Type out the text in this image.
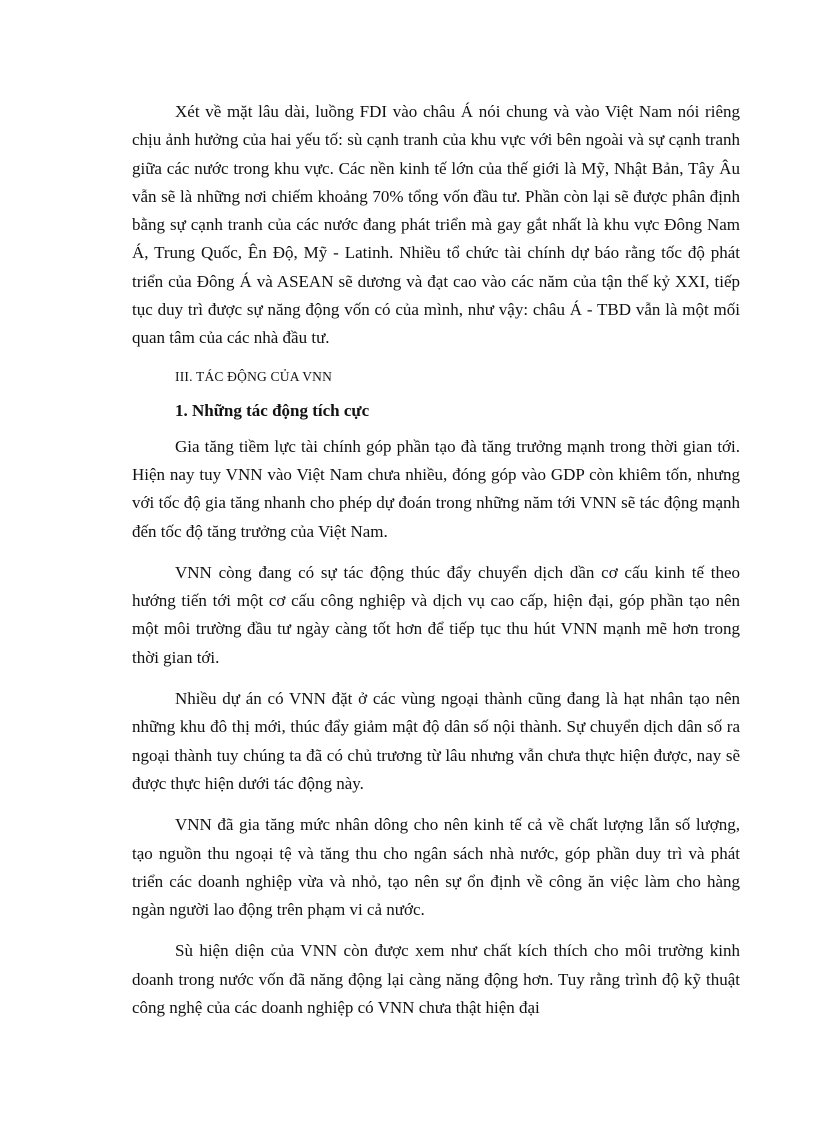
Xét về mặt lâu dài, luồng FDI vào châu Á nói chung và vào Việt Nam nói riêng chịu ảnh hưởng của hai yếu tố: sù cạnh tranh của khu vực với bên ngoài và sự cạnh tranh giữa các nước trong khu vực. Các nền kinh tế lớn của thế giới là Mỹ, Nhật Bản, Tây Âu vẫn sẽ là những nơi chiếm khoảng 70% tổng vốn đầu tư. Phần còn lại sẽ được phân định bằng sự cạnh tranh của các nước đang phát triển mà gay gắt nhất là khu vực Đông Nam Á, Trung Quốc, Ên Độ, Mỹ - Latinh. Nhiều tổ chức tài chính dự báo rằng tốc độ phát triển của Đông Á và ASEAN sẽ dương và đạt cao vào các năm của tận thế kỷ XXI, tiếp tục duy trì được sự năng động vốn có của mình, như vậy: châu Á - TBD vẫn là một mối quan tâm của các nhà đầu tư.

III. TÁC ĐỘNG CỦA VNN
1. Những tác động tích cực

Gia tăng tiềm lực tài chính góp phần tạo đà tăng trưởng mạnh trong thời gian tới. Hiện nay tuy VNN vào Việt Nam chưa nhiều, đóng góp vào GDP còn khiêm tốn, nhưng với tốc độ gia tăng nhanh cho phép dự đoán trong những năm tới VNN sẽ tác động mạnh đến tốc độ tăng trưởng của Việt Nam.

VNN còng đang có sự tác động thúc đẩy chuyển dịch dần cơ cấu kinh tế theo hướng tiến tới một cơ cấu công nghiệp và dịch vụ cao cấp, hiện đại, góp phần tạo nên một môi trường đầu tư ngày càng tốt hơn để tiếp tục thu hút VNN mạnh mẽ hơn trong thời gian tới.

Nhiều dự án có VNN đặt ở các vùng ngoại thành cũng đang là hạt nhân tạo nên những khu đô thị mới, thúc đẩy giảm mật độ dân số nội thành. Sự chuyển dịch dân số ra ngoại thành tuy chúng ta đã có chủ trương từ lâu nhưng vẫn chưa thực hiện được, nay sẽ được thực hiện dưới tác động này.

VNN đã gia tăng mức nhân dông cho nên kinh tế cả về chất lượng lẫn số lượng, tạo nguồn thu ngoại tệ và tăng thu cho ngân sách nhà nước, góp phần duy trì và phát triển các doanh nghiệp vừa và nhỏ, tạo nên sự ổn định về công ăn việc làm cho hàng ngàn người lao động trên phạm vi cả nước.

Sù hiện diện của VNN còn được xem như chất kích thích cho môi trường kinh doanh trong nước vốn đã năng động lại càng năng động hơn. Tuy rằng trình độ kỹ thuật công nghệ của các doanh nghiệp có VNN chưa thật hiện đại
